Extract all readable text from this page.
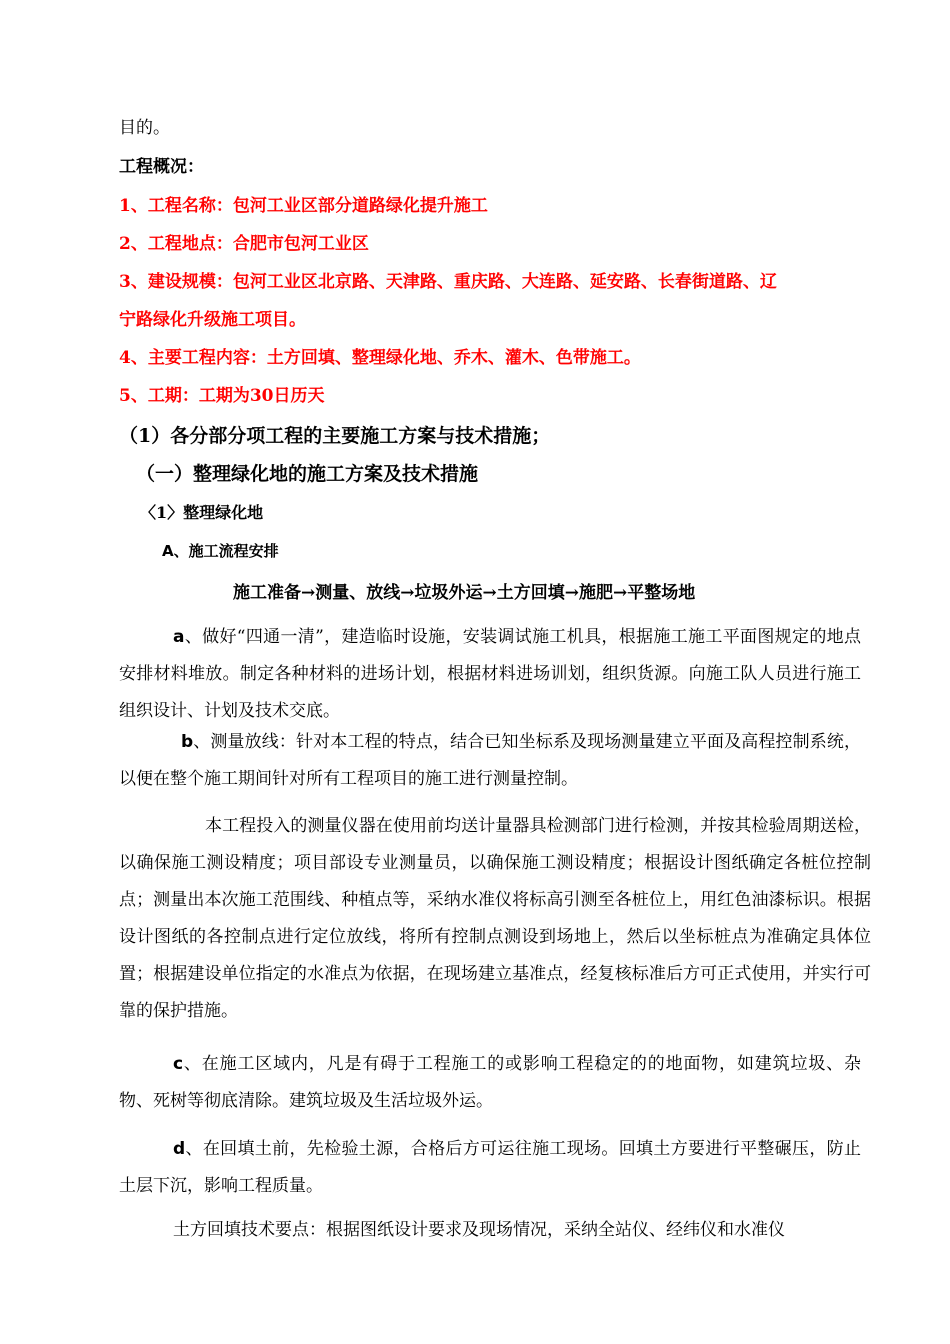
目的。
工程概况：
1、工程名称：包河工业区部分道路绿化提升施工
2、工程地点：合肥市包河工业区
3、建设规模：包河工业区北京路、天津路、重庆路、大连路、延安路、长春街道路、辽
宁路绿化升级施工项目。
4、主要工程内容：土方回填、整理绿化地、乔木、灌木、色带施工。
5、工期：工期为30日历天
（1）各分部分项工程的主要施工方案与技术措施；
（一）整理绿化地的施工方案及技术措施
〈1〉整理绿化地
A、施工流程安排
施工准备→测量、放线→垃圾外运→土方回填→施肥→平整场地
a、做好“四通一清”，建造临时设施，安装调试施工机具，根据施工施工平面图规定的地点安排材料堆放。制定各种材料的进场计划，根据材料进场训划，组织货源。向施工队人员进行施工组织设计、计划及技术交底。
b、测量放线：针对本工程的特点，结合已知坐标系及现场测量建立平面及高程控制系统，以便在整个施工期间针对所有工程项目的施工进行测量控制。
本工程投入的测量仪器在使用前均送计量器具检测部门进行检测，并按其检验周期送检，以确保施工测设精度；项目部设专业测量员，以确保施工测设精度；根据设计图纸确定各桩位控制点；测量出本次施工范围线、种植点等，采纳水准仪将标高引测至各桩位上，用红色油漆标识。根据设计图纸的各控制点进行定位放线，将所有控制点测设到场地上，然后以坐标桩点为准确定具体位置；根据建设单位指定的水准点为依据，在现场建立基准点，经复核标准后方可正式使用，并实行可靠的保护措施。
c、在施工区域内，凡是有碍于工程施工的或影响工程稳定的的地面物，如建筑垃圾、杂物、死树等彻底清除。建筑垃圾及生活垃圾外运。
d、在回填土前，先检验土源，合格后方可运往施工现场。回填土方要进行平整碾压，防止土层下沉，影响工程质量。
土方回填技术要点：根据图纸设计要求及现场情况，采纳全站仪、经纬仪和水准仪
